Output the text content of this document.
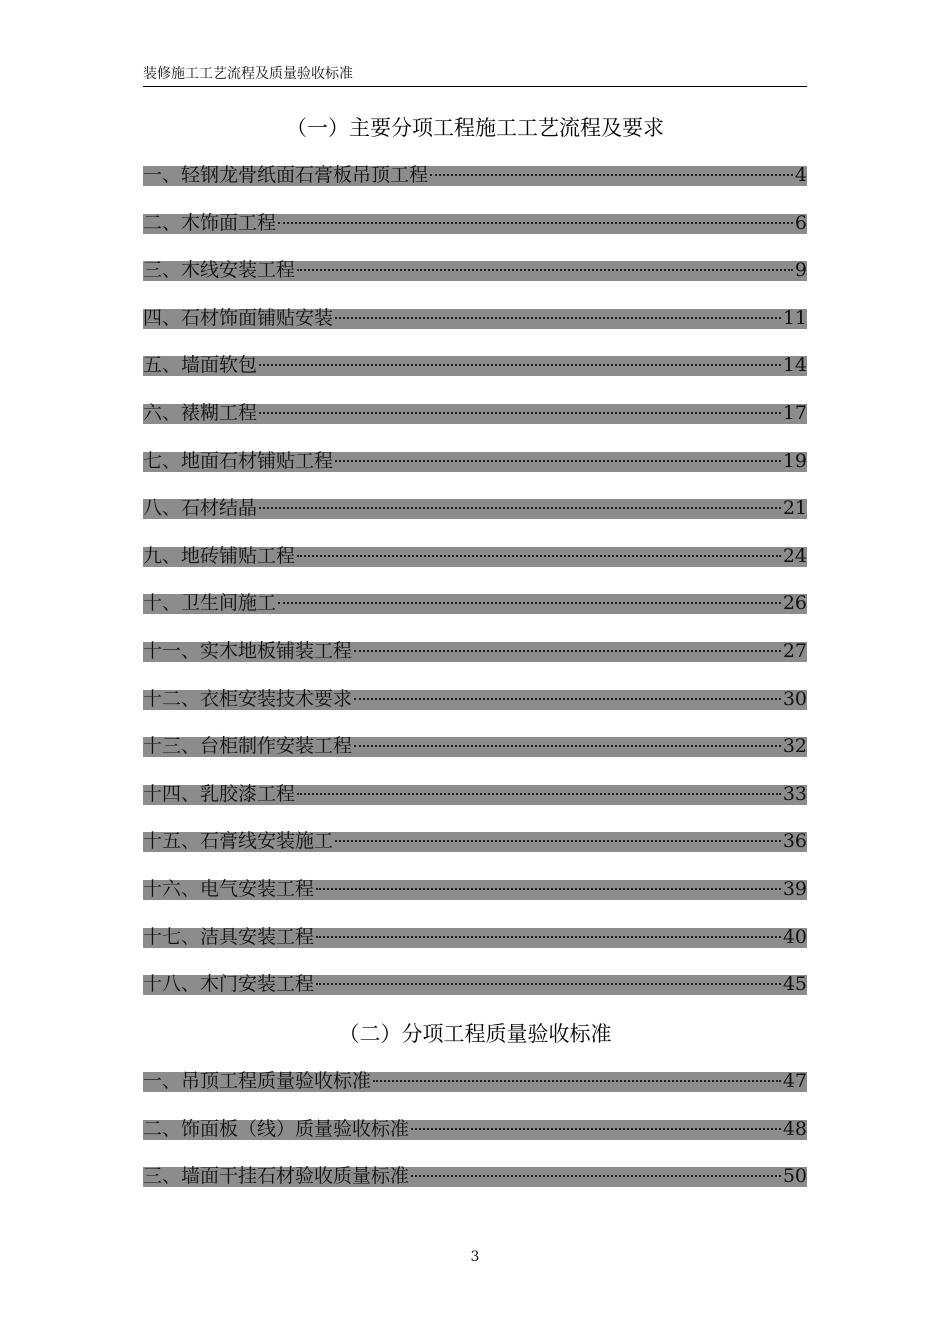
装修施工工艺流程及质量验收标准
（一）主要分项工程施工工艺流程及要求
一、轻钢龙骨纸面石膏板吊顶工程	4
二、木饰面工程	6
三、木线安装工程	9
四、石材饰面铺贴安装	11
五、墙面软包	14
六、裱糊工程	17
七、地面石材铺贴工程	19
八、石材结晶	21
九、地砖铺贴工程	24
十、卫生间施工	26
十一、实木地板铺装工程	27
十二、衣柜安装技术要求	30
十三、台柜制作安装工程	32
十四、乳胶漆工程	33
十五、石膏线安装施工	36
十六、电气安装工程	39
十七、洁具安装工程	40
十八、木门安装工程	45
（二）分项工程质量验收标准
一、吊顶工程质量验收标准	47
二、饰面板（线）质量验收标准	48
三、墙面干挂石材验收质量标准	50
3
